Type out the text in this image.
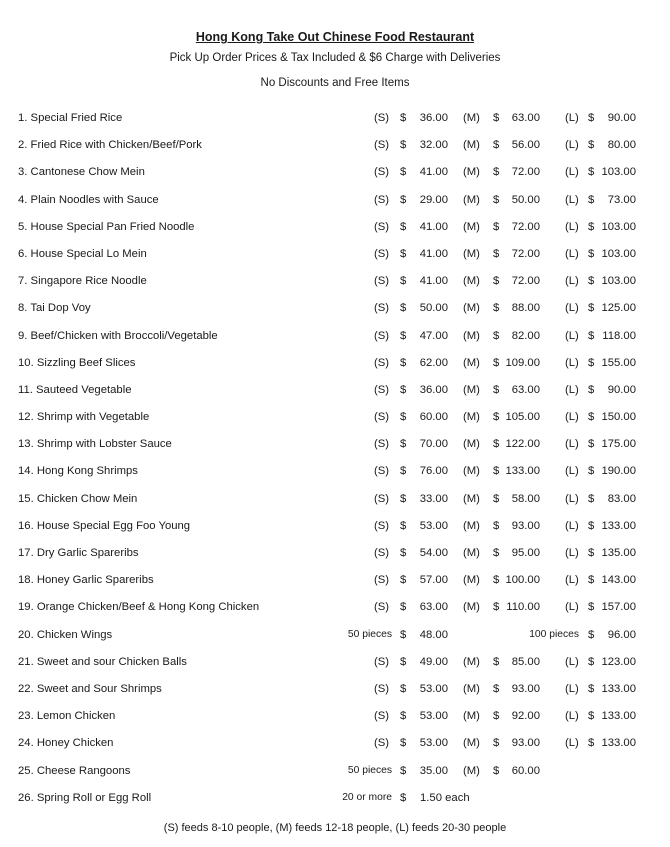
Hong Kong Take Out Chinese Food Restaurant
Pick Up Order Prices & Tax Included & $6 Charge with Deliveries
No Discounts and Free Items
1. Special Fried Rice	(S) $ 36.00 (M) $ 63.00 (L) $ 90.00
2. Fried Rice with Chicken/Beef/Pork	(S) $ 32.00 (M) $ 56.00 (L) $ 80.00
3. Cantonese Chow Mein	(S) $ 41.00 (M) $ 72.00 (L) $ 103.00
4. Plain Noodles with Sauce	(S) $ 29.00 (M) $ 50.00 (L) $ 73.00
5. House Special Pan Fried Noodle	(S) $ 41.00 (M) $ 72.00 (L) $ 103.00
6. House Special Lo Mein	(S) $ 41.00 (M) $ 72.00 (L) $ 103.00
7. Singapore Rice Noodle	(S) $ 41.00 (M) $ 72.00 (L) $ 103.00
8. Tai Dop Voy	(S) $ 50.00 (M) $ 88.00 (L) $ 125.00
9. Beef/Chicken with Broccoli/Vegetable	(S) $ 47.00 (M) $ 82.00 (L) $ 118.00
10. Sizzling Beef Slices	(S) $ 62.00 (M) $ 109.00 (L) $ 155.00
11. Sauteed Vegetable	(S) $ 36.00 (M) $ 63.00 (L) $ 90.00
12. Shrimp with Vegetable	(S) $ 60.00 (M) $ 105.00 (L) $ 150.00
13. Shrimp with Lobster Sauce	(S) $ 70.00 (M) $ 122.00 (L) $ 175.00
14. Hong Kong Shrimps	(S) $ 76.00 (M) $ 133.00 (L) $ 190.00
15. Chicken Chow Mein	(S) $ 33.00 (M) $ 58.00 (L) $ 83.00
16. House Special Egg Foo Young	(S) $ 53.00 (M) $ 93.00 (L) $ 133.00
17. Dry Garlic Spareribs	(S) $ 54.00 (M) $ 95.00 (L) $ 135.00
18. Honey Garlic Spareribs	(S) $ 57.00 (M) $ 100.00 (L) $ 143.00
19. Orange Chicken/Beef & Hong Kong Chicken	(S) $ 63.00 (M) $ 110.00 (L) $ 157.00
20. Chicken Wings	50 pieces $ 48.00	100 pieces $ 96.00
21. Sweet and sour Chicken Balls	(S) $ 49.00 (M) $ 85.00 (L) $ 123.00
22. Sweet and Sour Shrimps	(S) $ 53.00 (M) $ 93.00 (L) $ 133.00
23. Lemon Chicken	(S) $ 53.00 (M) $ 92.00 (L) $ 133.00
24. Honey Chicken	(S) $ 53.00 (M) $ 93.00 (L) $ 133.00
25. Cheese Rangoons	50 pieces $ 35.00 (M) $ 60.00
26. Spring Roll or Egg Roll	20 or more $ 1.50 each
(S) feeds 8-10 people, (M) feeds 12-18 people, (L) feeds 20-30 people
